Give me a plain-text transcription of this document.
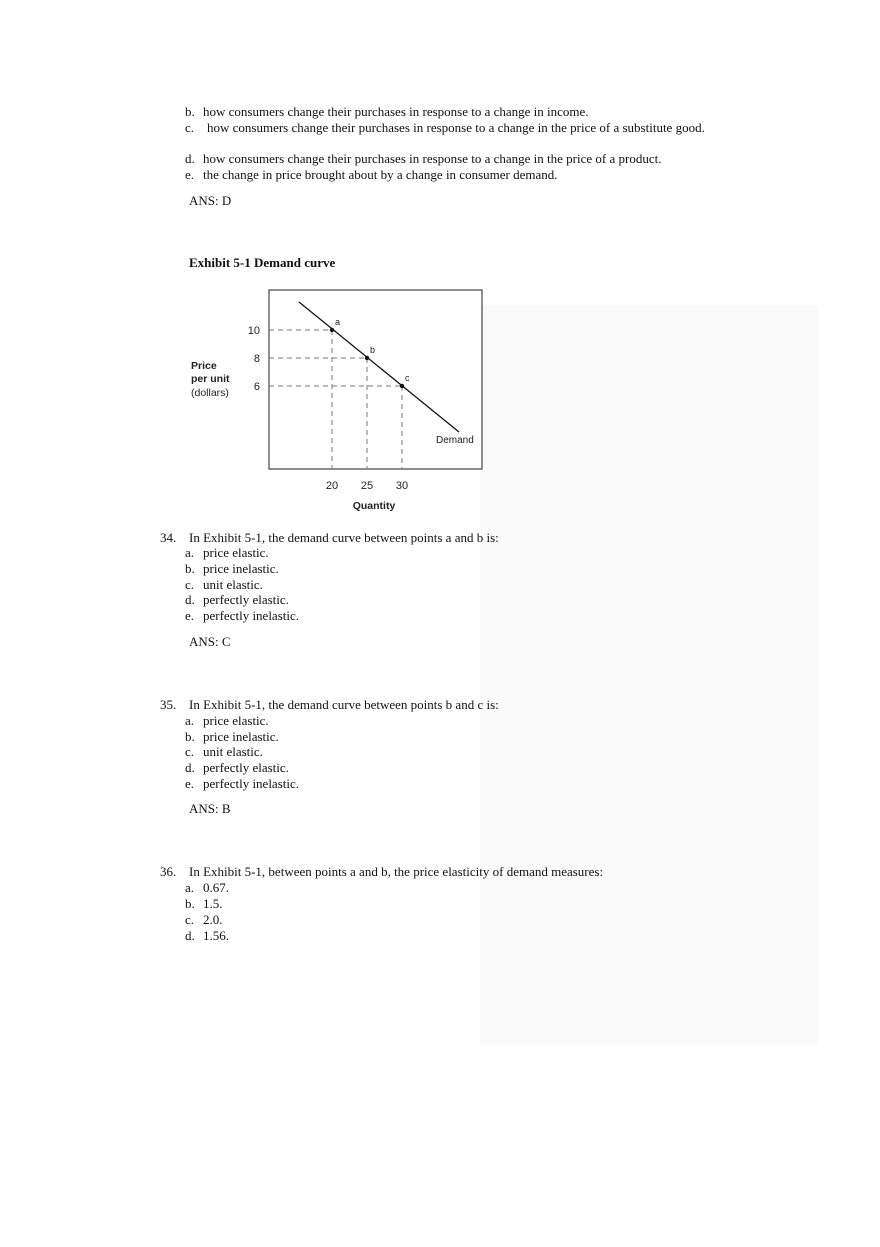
b. how consumers change their purchases in response to a change in income.
c. how consumers change their purchases in response to a change in the price of a substitute good.
d. how consumers change their purchases in response to a change in the price of a product.
e. the change in price brought about by a change in consumer demand.
ANS: D
Exhibit 5-1 Demand curve
a
b
c
10
8
6
20 25 30
Price
per unit
(dollars)
Quantity
Demand
34. In Exhibit 5-1, the demand curve between points a and b is:
a. price elastic.
b. price inelastic.
c. unit elastic.
d. perfectly elastic.
e. perfectly inelastic.
ANS: C
35. In Exhibit 5-1, the demand curve between points b and c is:
a. price elastic.
b. price inelastic.
c. unit elastic.
d. perfectly elastic.
e. perfectly inelastic.
ANS: B
36. In Exhibit 5-1, between points a and b, the price elasticity of demand measures:
a. 0.67.
b. 1.5.
c. 2.0.
d. 1.56.
